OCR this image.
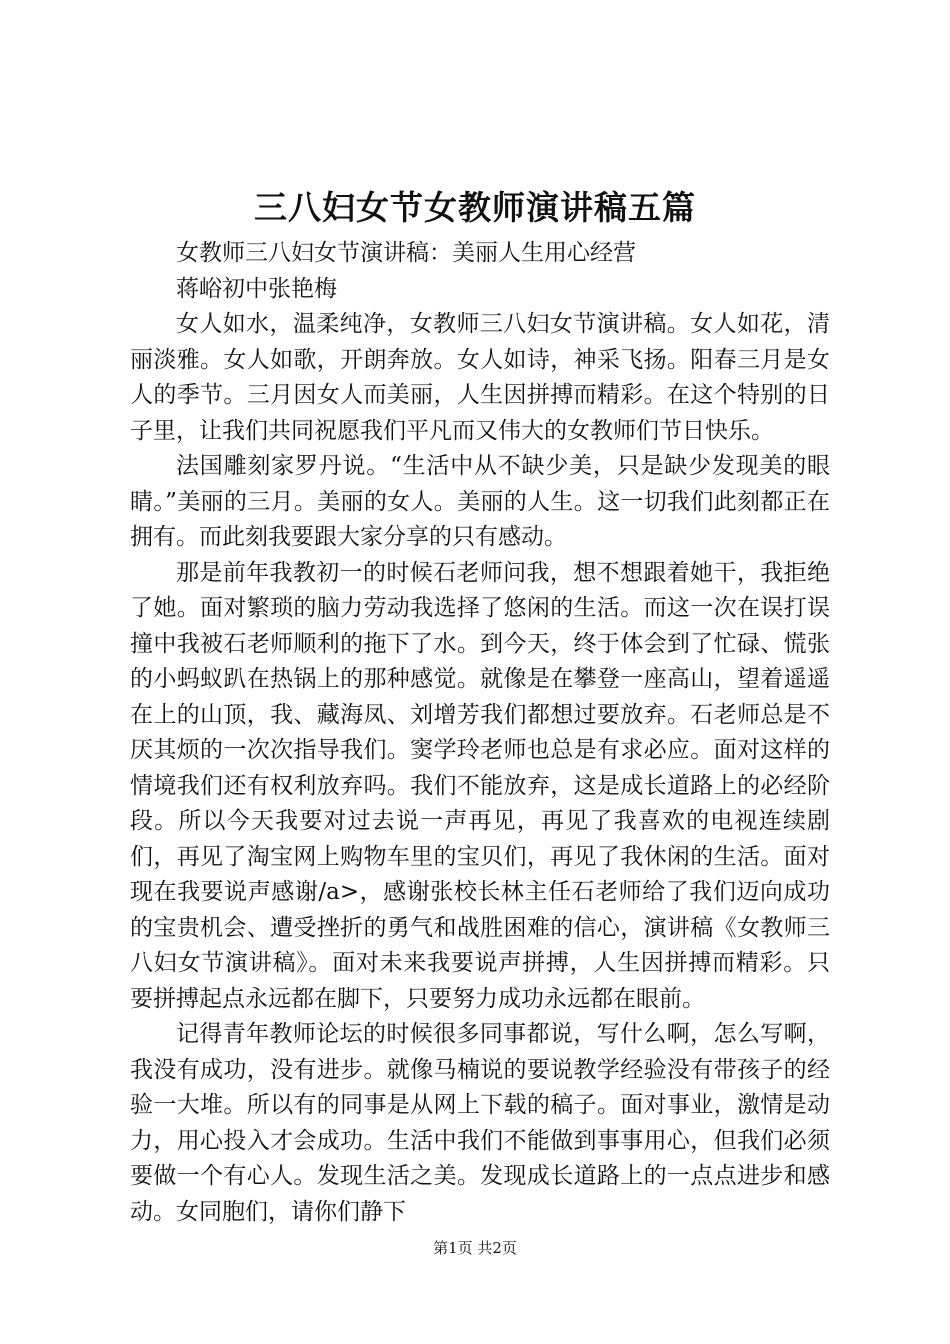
三八妇女节女教师演讲稿五篇

女教师三八妇女节演讲稿：美丽人生用心经营

蒋峪初中张艳梅

女人如水，温柔纯净，女教师三八妇女节演讲稿。女人如花，清丽淡雅。女人如歌，开朗奔放。女人如诗，神采飞扬。阳春三月是女人的季节。三月因女人而美丽，人生因拼搏而精彩。在这个特别的日子里，让我们共同祝愿我们平凡而又伟大的女教师们节日快乐。

法国雕刻家罗丹说。“生活中从不缺少美，只是缺少发现美的眼睛。”美丽的三月。美丽的女人。美丽的人生。这一切我们此刻都正在拥有。而此刻我要跟大家分享的只有感动。

那是前年我教初一的时候石老师问我，想不想跟着她干，我拒绝了她。面对繁琐的脑力劳动我选择了悠闲的生活。而这一次在误打误撞中我被石老师顺利的拖下了水。到今天，终于体会到了忙碌、慌张的小蚂蚁趴在热锅上的那种感觉。就像是在攀登一座高山，望着遥遥在上的山顶，我、藏海凤、刘增芳我们都想过要放弃。石老师总是不厌其烦的一次次指导我们。窦学玲老师也总是有求必应。面对这样的情境我们还有权利放弃吗。我们不能放弃，这是成长道路上的必经阶段。所以今天我要对过去说一声再见，再见了我喜欢的电视连续剧们，再见了淘宝网上购物车里的宝贝们，再见了我休闲的生活。面对现在我要说声感谢/a>，感谢张校长林主任石老师给了我们迈向成功的宝贵机会、遭受挫折的勇气和战胜困难的信心，演讲稿《女教师三八妇女节演讲稿》。面对未来我要说声拼搏，人生因拼搏而精彩。只要拼搏起点永远都在脚下，只要努力成功永远都在眼前。

记得青年教师论坛的时候很多同事都说，写什么啊，怎么写啊，我没有成功，没有进步。就像马楠说的要说教学经验没有带孩子的经验一大堆。所以有的同事是从网上下载的稿子。面对事业，激情是动力，用心投入才会成功。生活中我们不能做到事事用心，但我们必须要做一个有心人。发现生活之美。发现成长道路上的一点点进步和感动。女同胞们，请你们静下

第1页 共2页
